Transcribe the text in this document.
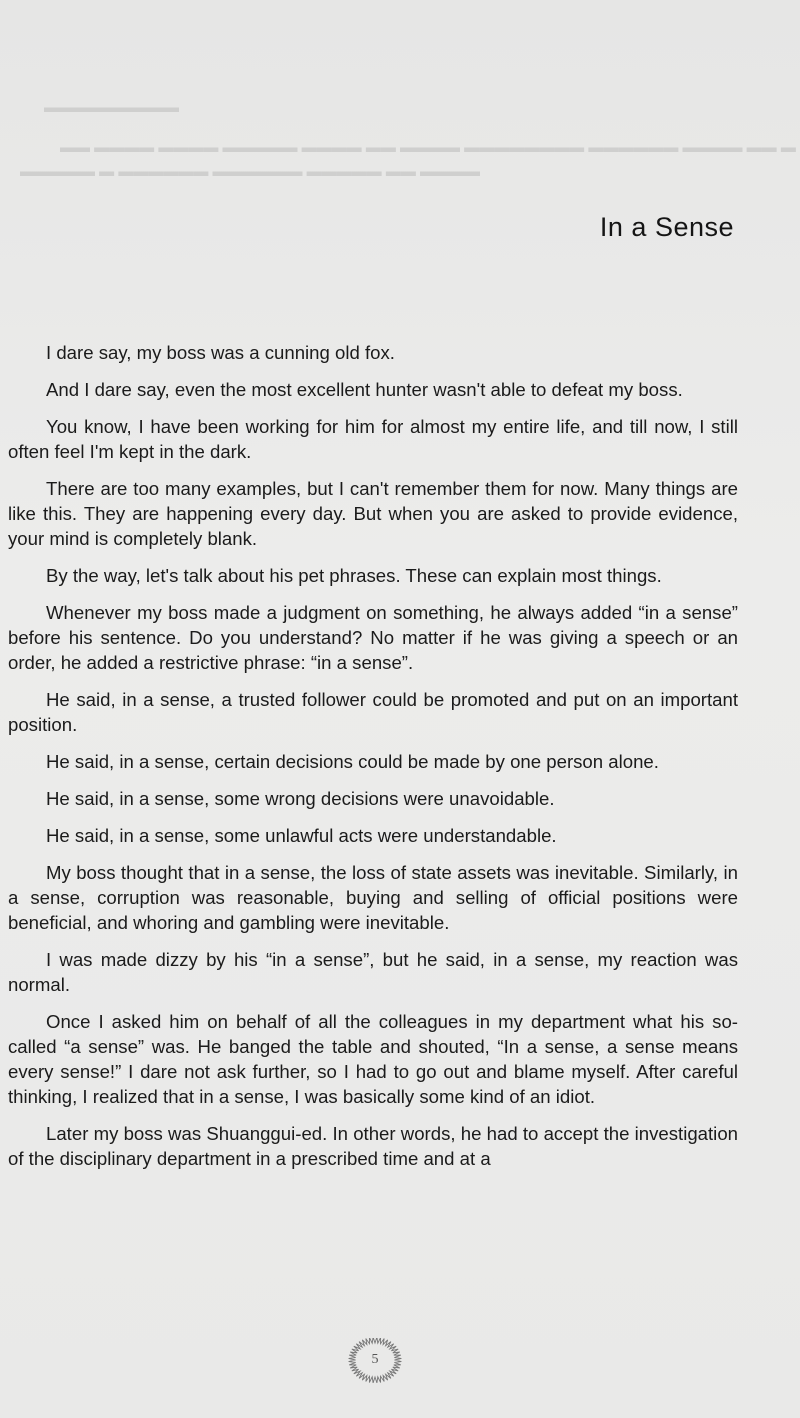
▬▬▬▬▬▬▬▬▬
▬▬ ▬▬▬▬ ▬▬▬▬ ▬▬▬▬▬ ▬▬▬▬ ▬▬ ▬▬▬▬ ▬▬▬▬▬▬▬▬ ▬▬▬▬▬▬ ▬▬▬▬ ▬▬ ▬
▬▬▬▬▬ ▬ ▬▬▬▬▬▬ ▬▬▬▬▬▬ ▬▬▬▬▬ ▬▬ ▬▬▬▬
In a Sense

I dare say, my boss was a cunning old fox.

And I dare say, even the most excellent hunter wasn't able to defeat my boss.

You know, I have been working for him for almost my entire life, and till now, I still often feel I'm kept in the dark.

There are too many examples, but I can't remember them for now. Many things are like this. They are happening every day. But when you are asked to provide evidence, your mind is completely blank.

By the way, let's talk about his pet phrases. These can explain most things.

Whenever my boss made a judgment on something, he always added “in a sense” before his sentence. Do you understand? No matter if he was giving a speech or an order, he added a restrictive phrase: “in a sense”.

He said, in a sense, a trusted follower could be promoted and put on an important position.

He said, in a sense, certain decisions could be made by one person alone.

He said, in a sense, some wrong decisions were unavoidable.

He said, in a sense, some unlawful acts were understandable.

My boss thought that in a sense, the loss of state assets was inevitable. Similarly, in a sense, corruption was reasonable, buying and selling of official positions were beneficial, and whoring and gambling were inevitable.

I was made dizzy by his “in a sense”, but he said, in a sense, my reaction was normal.

Once I asked him on behalf of all the colleagues in my department what his so-called “a sense” was. He banged the table and shouted, “In a sense, a sense means every sense!” I dare not ask further, so I had to go out and blame myself. After careful thinking, I realized that in a sense, I was basically some kind of an idiot.

Later my boss was Shuanggui-ed. In other words, he had to accept the investigation of the disciplinary department in a prescribed time and at a

5
